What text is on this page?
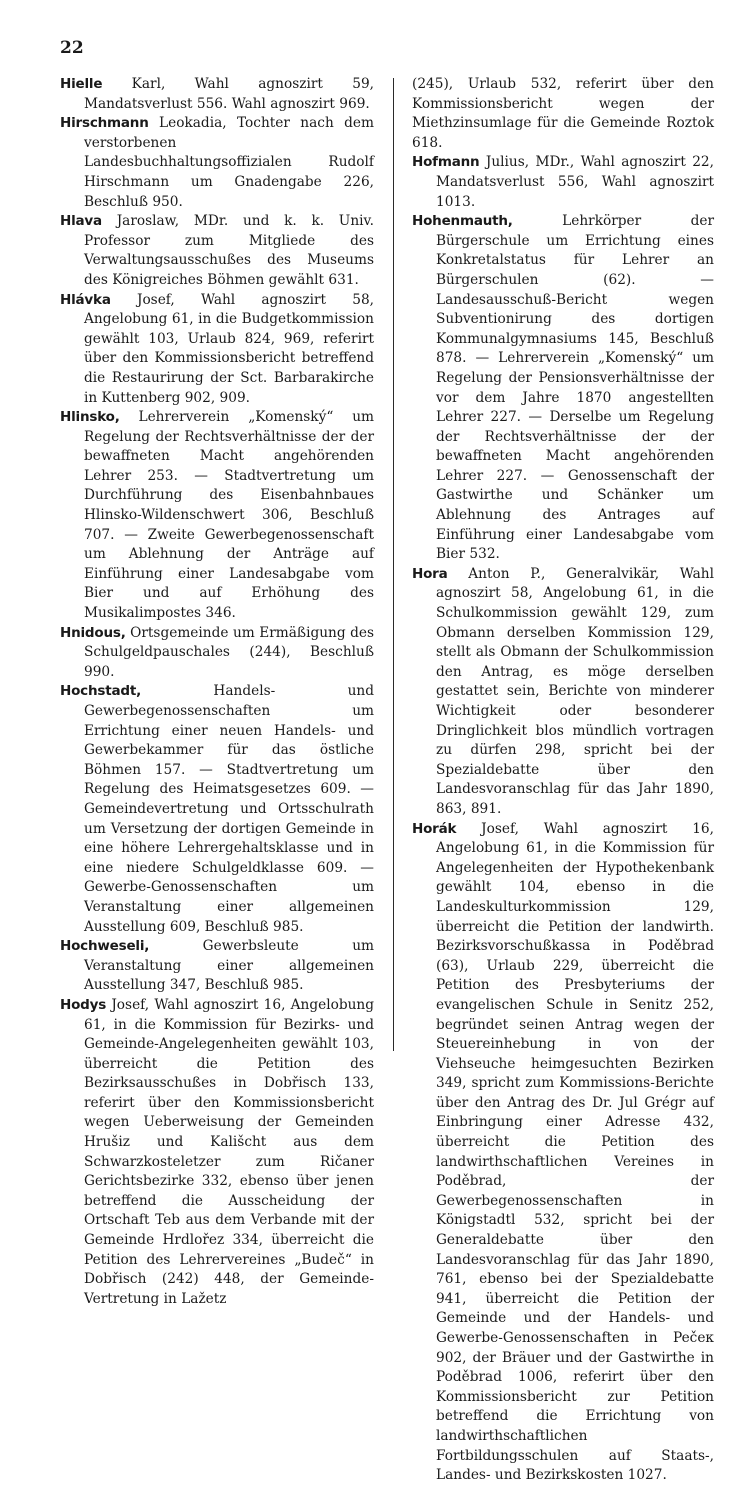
22

Hielle Karl, Wahl agnoszirt 59, Mandatsverlust 556. Wahl agnoszirt 969.

Hirschmann Leokadia, Tochter nach dem verstorbenen Landesbuchhaltungsoffizialen Rudolf Hirschmann um Gnadengabe 226, Beschluß 950.

Hlava Jaroslaw, MDr. und k. k. Univ. Professor zum Mitgliede des Verwaltungsausschußes des Museums des Königreiches Böhmen gewählt 631.

Hlávka Josef, Wahl agnoszirt 58, Angelobung 61, in die Budgetkommission gewählt 103, Urlaub 824, 969, referirt über den Kommissionsbericht betreffend die Restaurirung der Sct. Barbarakirche in Kuttenberg 902, 909.

Hlinsko, Lehrerverein „Komenský“ um Regelung der Rechtsverhältnisse der der bewaffneten Macht angehörenden Lehrer 253. — Stadtvertretung um Durchführung des Eisenbahnbaues Hlinsko-Wildenschwert 306, Beschluß 707. — Zweite Gewerbegenossenschaft um Ablehnung der Anträge auf Einführung einer Landesabgabe vom Bier und auf Erhöhung des Musikalimpostes 346.

Hnidous, Ortsgemeinde um Ermäßigung des Schulgeldpauschales (244), Beschluß 990.

Hochstadt,	Handels- und Gewerbegenossenschaften um Errichtung einer neuen Handels- und Gewerbekammer für das östliche Böhmen 157. — Stadtvertretung um Regelung des Heimatsgesetzes 609. — Gemeindevertretung und Ortsschulrath um Versetzung der dortigen Gemeinde in eine höhere Lehrergehaltsklasse und in eine niedere Schulgeldklasse 609. — Gewerbe-Genossenschaften um Veranstaltung einer allgemeinen Ausstellung 609, Beschluß 985.

Hochweseli,	Gewerbsleute um Veranstaltung einer allgemeinen Ausstellung 347, Beschluß 985.

Hodys Josef, Wahl agnoszirt 16, Angelobung 61, in die Kommission für Bezirks- und Gemeinde-Angelegenheiten gewählt 103, überreicht die Petition des Bezirksausschußes in Dobřisch 133, referirt über den Kommissionsbericht wegen Ueberweisung der Gemeinden Hrušiz und Kališcht aus dem Schwarzkosteletzer zum Ričaner Gerichtsbezirke 332, ebenso über jenen betreffend die Ausscheidung der Ortschaft Teb aus dem Verbande mit der Gemeinde Hrdlořez 334, überreicht die Petition des Lehrervereines „Budeč“ in Dobřisch (242) 448, der Gemeinde-Vertretung in Lažetz

(245), Urlaub 532, referirt über den Kommissionsbericht wegen der Miethzinsumlage für die Gemeinde Roztok 618.

Hofmann Julius, MDr., Wahl agnoszirt 22, Mandatsverlust 556, Wahl agnoszirt 1013.

Hohenmauth,	Lehrkörper der Bürgerschule um Errichtung eines Konkretalstatus für Lehrer an Bürgerschulen (62). — Landesausschuß-Bericht wegen Subventionirung des dortigen Kommunalgymnasiums 145, Beschluß 878. — Lehrerverein „Komenský“ um Regelung der Pensionsverhältnisse der vor dem Jahre 1870 angestellten Lehrer 227. — Derselbe um Regelung der Rechtsverhältnisse der der bewaffneten Macht angehörenden Lehrer 227. — Genossenschaft der Gastwirthe und Schänker um Ablehnung des Antrages auf Einführung einer Landesabgabe vom Bier 532.

Hora Anton P., Generalvikär, Wahl agnoszirt 58, Angelobung 61, in die Schulkommission gewählt 129, zum Obmann derselben Kommission 129, stellt als Obmann der Schulkommission den Antrag, es möge derselben gestattet sein, Berichte von minderer Wichtigkeit oder besonderer Dringlichkeit blos mündlich vortragen zu dürfen 298, spricht bei der Spezialdebatte über den Landesvoranschlag für das Jahr 1890, 863, 891.

Horák Josef, Wahl agnoszirt 16, Angelobung 61, in die Kommission für Angelegenheiten der Hypothekenbank gewählt 104, ebenso in die Landeskulturkommission 129, überreicht die Petition der landwirth. Bezirksvorschußkassa in Poděbrad (63), Urlaub 229, überreicht die Petition des Presbyteriums der evangelischen Schule in Senitz 252, begründet seinen Antrag wegen der Steuereinhebung in von der Viehseuche heimgesuchten Bezirken 349, spricht zum Kommissions-Berichte über den Antrag des Dr. Jul Grégr auf Einbringung einer Adresse 432, überreicht die Petition des landwirthschaftlichen Vereines in Poděbrad, der Gewerbegenossenschaften in Königstadtl 532, spricht bei der Generaldebatte über den Landesvoranschlag für das Jahr 1890, 761, ebenso bei der Spezialdebatte 941, überreicht die Petition der Gemeinde und der Handels- und Gewerbe-Genossenschaften in Pečeк 902, der Bräuer und der Gastwirthe in Poděbrad 1006, referirt über den Kommissionsbericht zur Petition betreffend die Errichtung von landwirthschaftlichen Fortbildungsschulen auf Staats-, Landes- und Bezirkskosten 1027.
